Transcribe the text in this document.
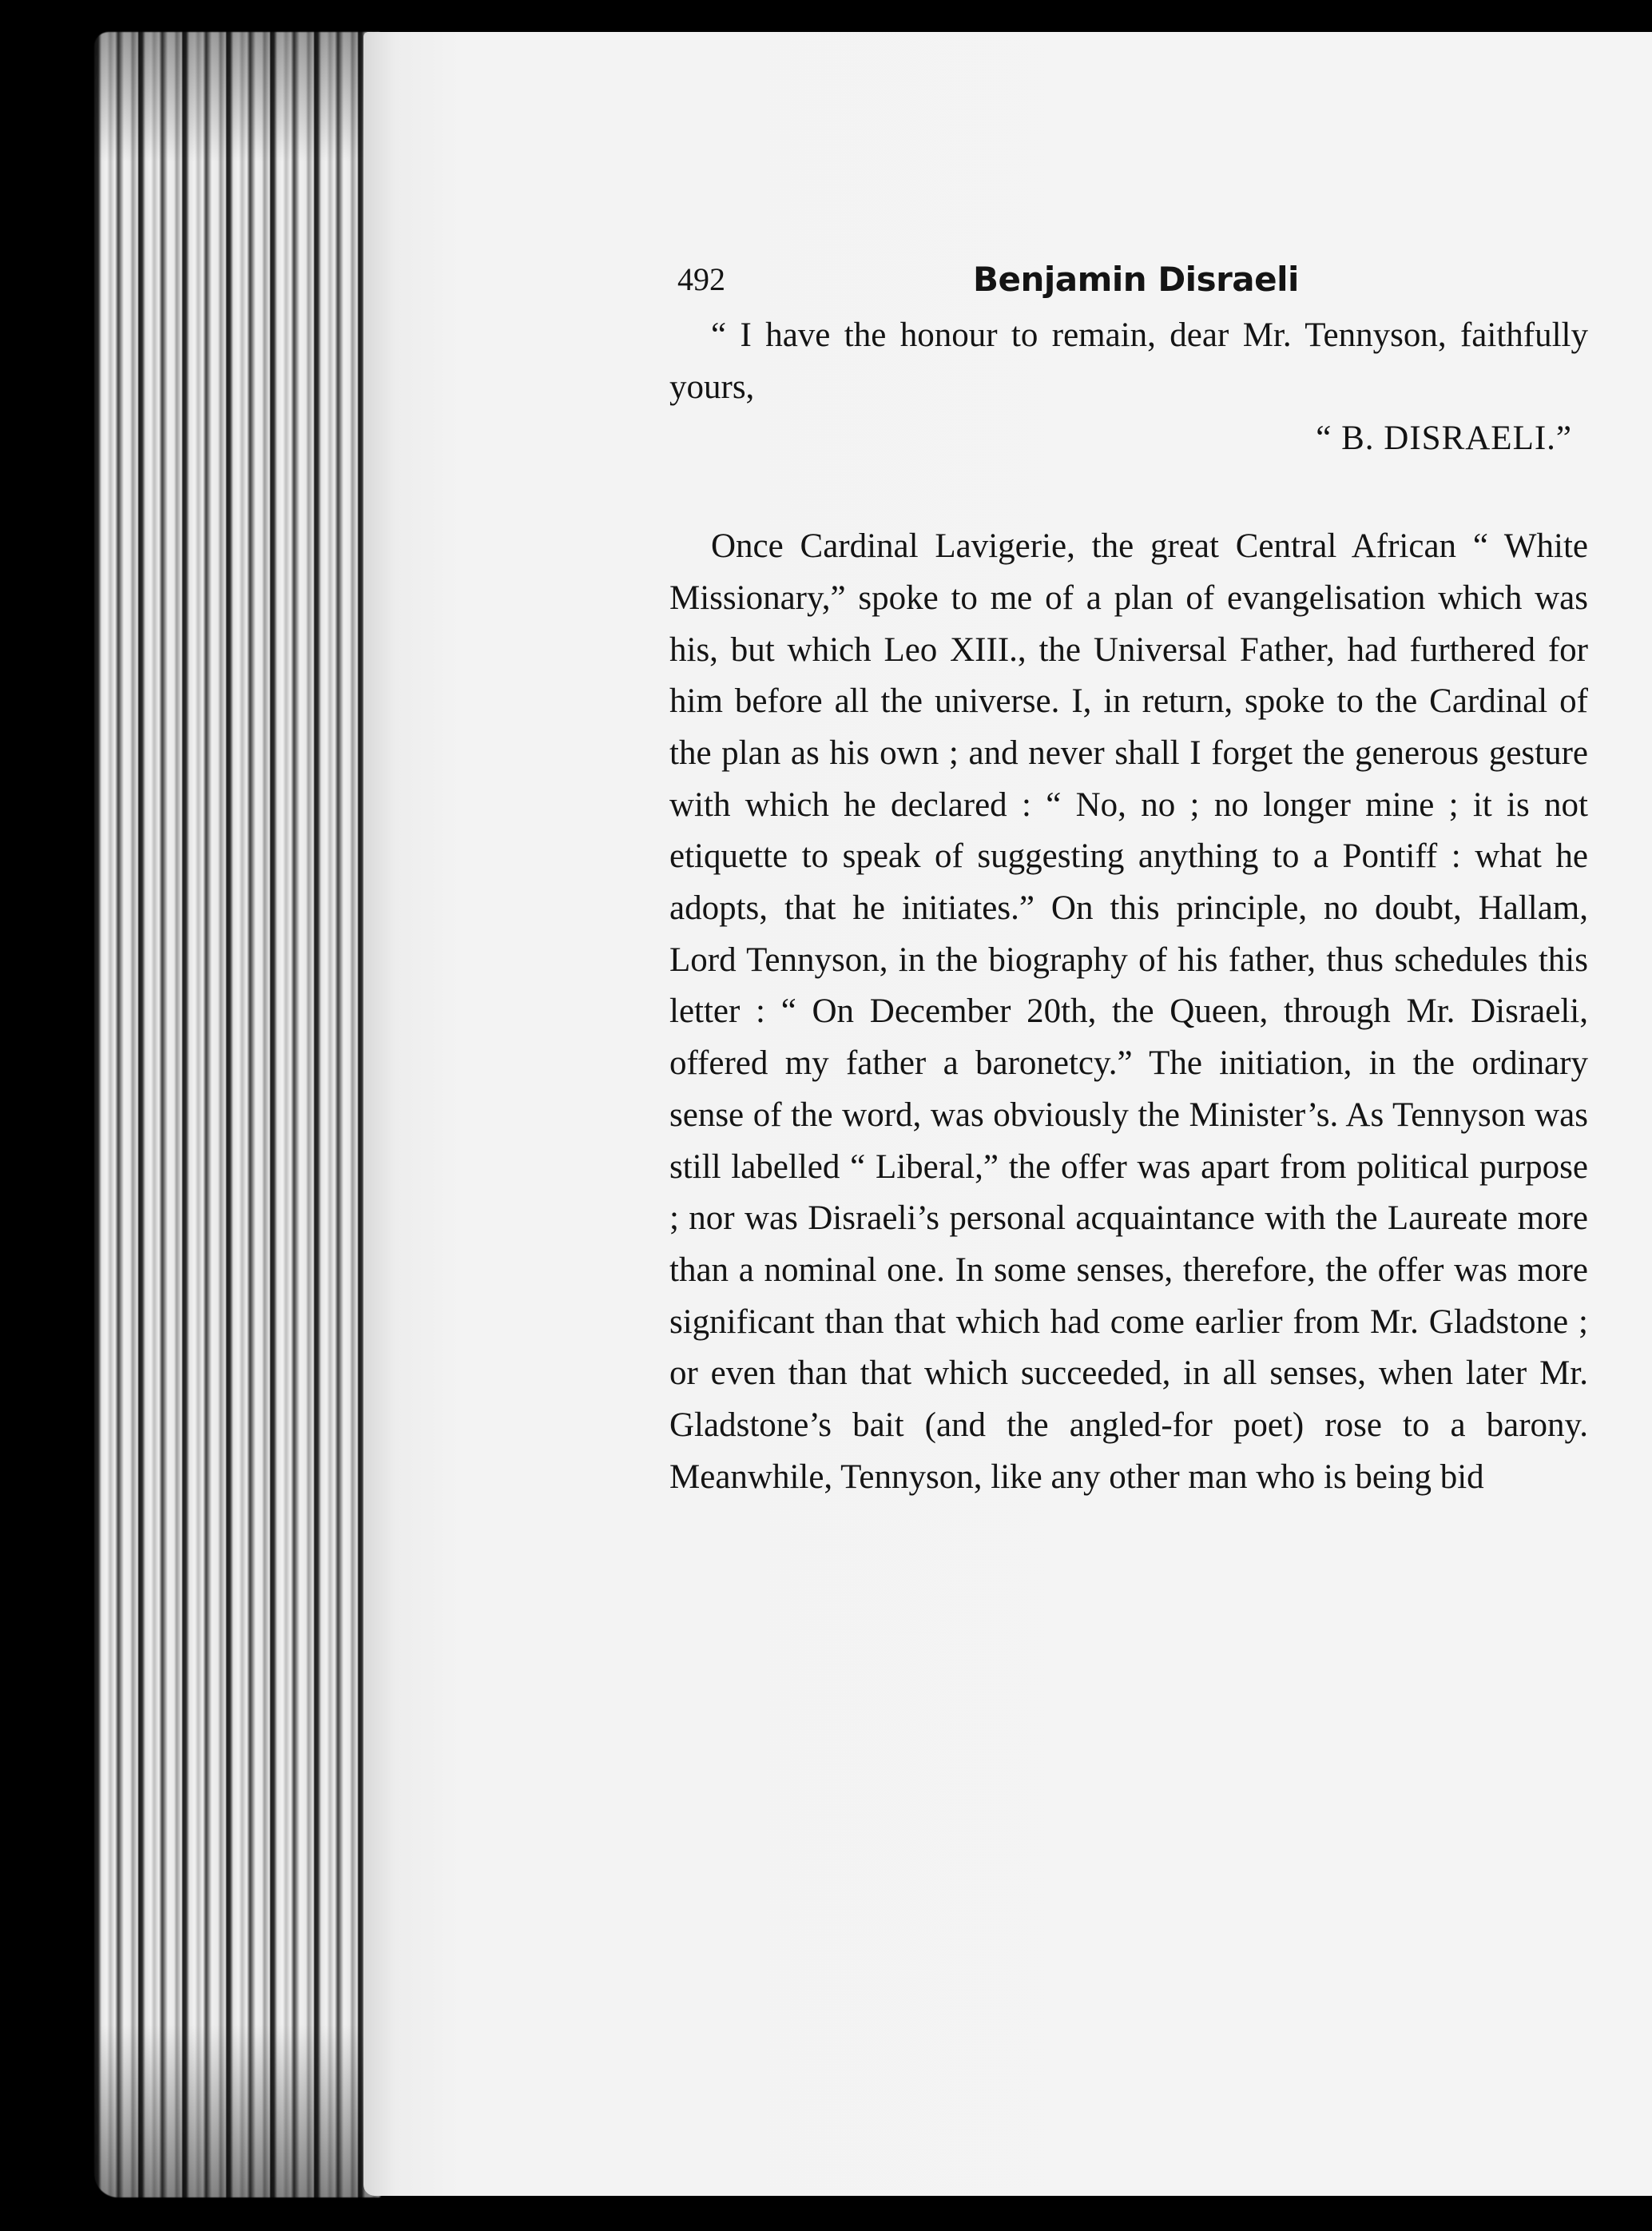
492	Benjamin Disraeli

“ I have the honour to remain, dear Mr. Tennyson, faithfully yours,

“ B. DISRAELI.”

Once Cardinal Lavigerie, the great Central African “ White Missionary,” spoke to me of a plan of evangelisation which was his, but which Leo XIII., the Universal Father, had furthered for him before all the universe. I, in return, spoke to the Cardinal of the plan as his own ; and never shall I forget the generous gesture with which he declared : “ No, no ; no longer mine ; it is not etiquette to speak of suggesting anything to a Pontiff : what he adopts, that he initiates.” On this principle, no doubt, Hallam, Lord Tennyson, in the biography of his father, thus schedules this letter : “ On December 20th, the Queen, through Mr. Disraeli, offered my father a baronetcy.” The initiation, in the ordinary sense of the word, was obviously the Minister’s. As Tennyson was still labelled “ Liberal,” the offer was apart from political purpose ; nor was Disraeli’s personal acquaintance with the Laureate more than a nominal one. In some senses, therefore, the offer was more significant than that which had come earlier from Mr. Gladstone ; or even than that which succeeded, in all senses, when later Mr. Gladstone’s bait (and the angled-for poet) rose to a barony. Meanwhile, Tennyson, like any other man who is being bid
